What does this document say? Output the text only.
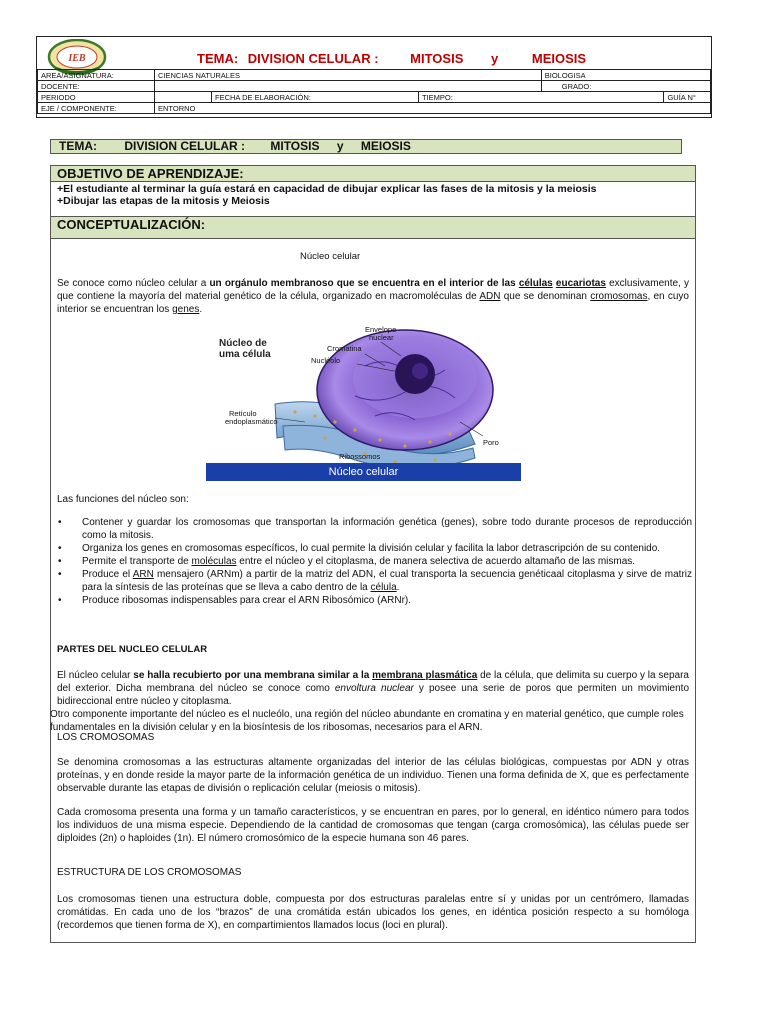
IEB	TEMA: DIVISION CELULAR : MITOSIS y	MEIOSIS
AREA/ASIGNATURA:	CIENCIAS NATURALES			BIOLOGISA	
DOCENTE:				GRADO:	
PERIODO		FECHA DE ELABORACIÓN:	TIEMPO:		GUÍA N°
EJE / COMPONENTE:	ENTORNO				
TEMA: DIVISION CELULAR : MITOSIS y MEIOSIS
OBJETIVO DE APRENDIZAJE:
+El estudiante al terminar la guía estará en capacidad de dibujar explicar las fases de la mitosis y la meiosis
+Dibujar las etapas de la mitosis y Meiosis
CONCEPTUALIZACIÓN:
Núcleo celular
Se conoce como núcleo celular a un orgánulo membranoso que se encuentra en el interior de las células eucariotas exclusivamente, y que contiene la mayoría del material genético de la célula, organizado en macromoléculas de ADN que se denominan cromosomas, en cuyo interior se encuentran los genes.
Núcleo de
uma célula
Envelope
nuclear
Cromatina
Nucléolo
Retículo
endoplasmático
Poro
Ribossomos
Núcleo celular
Las funciones del núcleo son:
• Contener y guardar los cromosomas que transportan la información genética (genes), sobre todo durante procesos de reproducción como la mitosis.
• Organiza los genes en cromosomas específicos, lo cual permite la división celular y facilita la labor detrascripción de su contenido.
• Permite el transporte de moléculas entre el núcleo y el citoplasma, de manera selectiva de acuerdo altamaño de las mismas.
• Produce el ARN mensajero (ARNm) a partir de la matriz del ADN, el cual transporta la secuencia genéticaal citoplasma y sirve de matriz para la síntesis de las proteínas que se lleva a cabo dentro de la célula.
• Produce ribosomas indispensables para crear el ARN Ribosómico (ARNr).
PARTES DEL NUCLEO CELULAR
El núcleo celular se halla recubierto por una membrana similar a la membrana plasmática de la célula, que delimita su cuerpo y la separa del exterior. Dicha membrana del núcleo se conoce como envoltura nuclear y posee una serie de poros que permiten un movimiento bidireccional entre núcleo y citoplasma.
Otro componente importante del núcleo es el nucleólo, una región del núcleo abundante en cromatina y en material genético, que cumple roles fundamentales en la división celular y en la biosíntesis de los ribosomas, necesarios para el ARN.
LOS CROMOSOMAS
Se denomina cromosomas a las estructuras altamente organizadas del interior de las células biológicas, compuestas por ADN y otras proteínas, y en donde reside la mayor parte de la información genética de un individuo. Tienen una forma definida de X, que es perfectamente observable durante las etapas de división o replicación celular (meiosis o mitosis).
Cada cromosoma presenta una forma y un tamaño característicos, y se encuentran en pares, por lo general, en idéntico número para todos los individuos de una misma especie. Dependiendo de la cantidad de cromosomas que tengan (carga cromosómica), las células puede ser diploides (2n) o haploides (1n). El número cromosómico de la especie humana son 46 pares.
ESTRUCTURA DE LOS CROMOSOMAS
Los cromosomas tienen una estructura doble, compuesta por dos estructuras paralelas entre sí y unidas por un centrómero, llamadas cromátidas. En cada uno de los “brazos” de una cromátida están ubicados los genes, en idéntica posición respecto a su homóloga (recordemos que tienen forma de X), en compartimientos llamados locus (loci en plural).
